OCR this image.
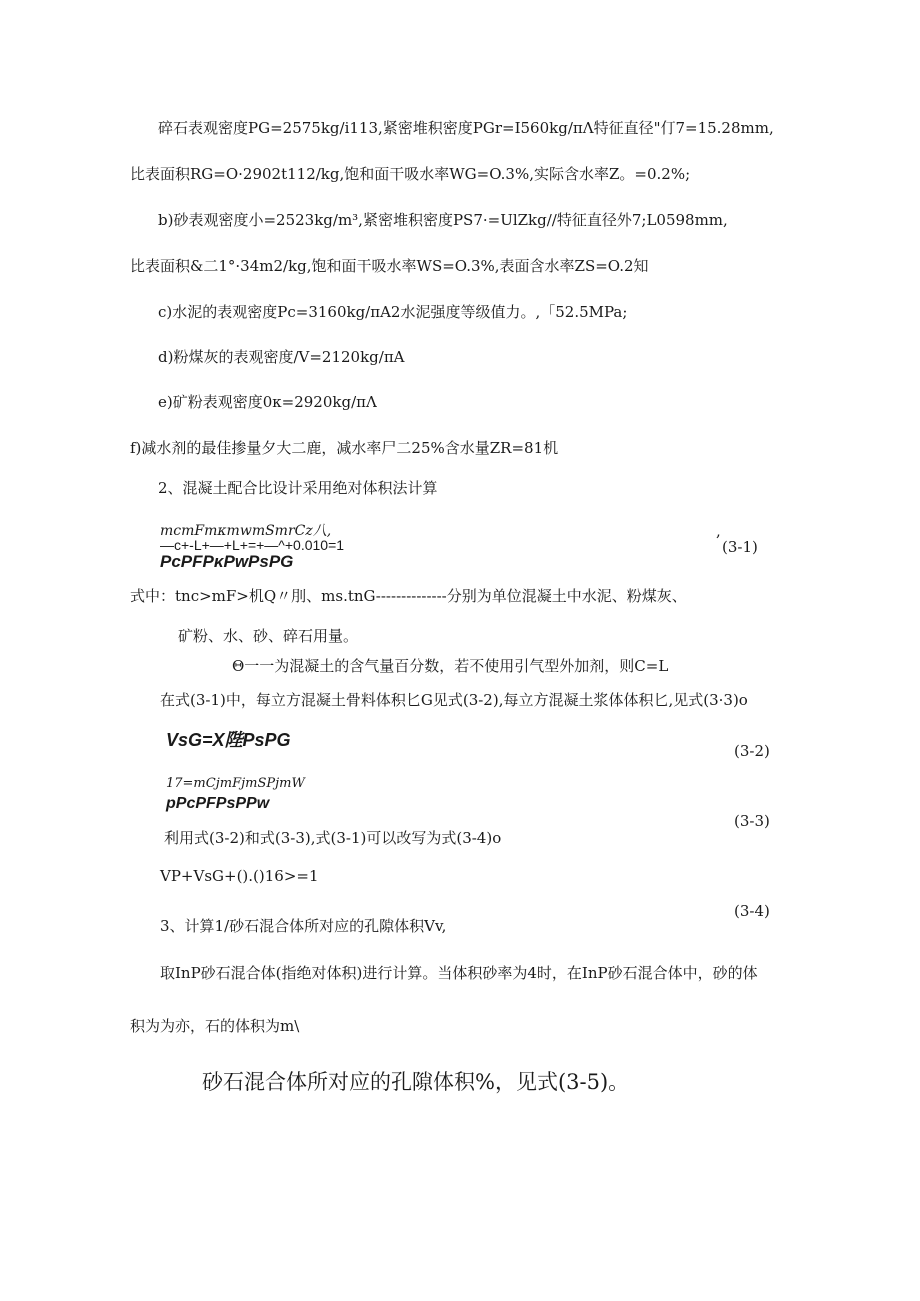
碎石表观密度PG=2575kg/i113,紧密堆积密度PGr=I560kg/πΛ特征直径"仃7=15.28mm,
比表面积RG=O·2902t112/kg,饱和面干吸水率WG=O.3%,实际含水率Z。=0.2%;
b)砂表观密度小=2523kg/m³,紧密堆积密度PS7·=UlZkg//特征直径外7;L0598mm,
比表面积&二1°·34m2/kg,饱和面干吸水率WS=O.3%,表面含水率ZS=O.2知
c)水泥的表观密度Pc=3160kg/πA2水泥强度等级值力。,「52.5MPa;
d)粉煤灰的表观密度/V=2120kg/πA
e)矿粉表观密度0κ=2920kg/πΛ
f)减水剂的最佳掺量夕大二鹿，减水率尸二25%含水量ZR=81机
2、混凝土配合比设计采用绝对体积法计算
mcmFmκmwmSmrCz八,	,
—c+-L+—+L+=+—^+0.010=1
PcPFPκPwPsPG
(3-1)
式中：tnc>mF>机Q〃刖、ms.tnG--------------分别为单位混凝土中水泥、粉煤灰、
矿粉、水、砂、碎石用量。
Θ一一为混凝土的含气量百分数，若不使用引气型外加剂，则C=L
在式(3-1)中，每立方混凝土骨料体积匕G见式(3-2),每立方混凝土浆体体积匕,见式(3·3)o
VsG=X陛PsPG
(3-2)
17=mCjmFjmSPjmW
pPcPFPsPPw
(3-3)
利用式(3-2)和式(3-3),式(3-1)可以改写为式(3-4)o
VP+VsG+().()16>=1
(3-4)
3、计算1/砂石混合体所对应的孔隙体积Vv,
取InP砂石混合体(指绝对体积)进行计算。当体积砂率为4时，在InP砂石混合体中，砂的体
积为为亦，石的体积为m\
砂石混合体所对应的孔隙体积%，见式(3-5)。
